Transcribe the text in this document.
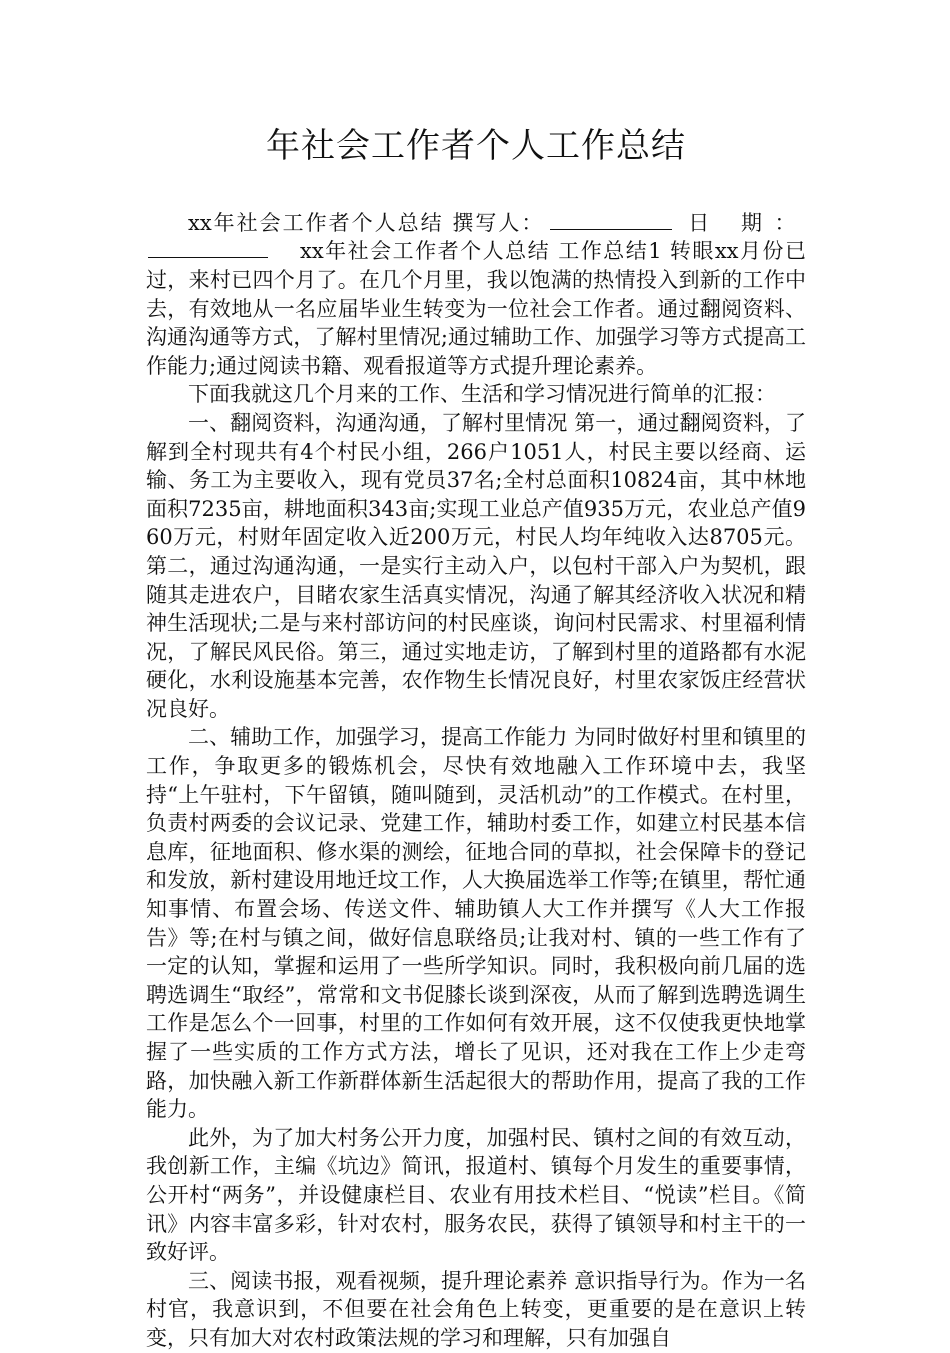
年社会工作者个人工作总结

xx年社会工作者个人总结 撰写人：	日 期：xx年社会工作者个人总结 工作总结1 转眼xx月份已过，来村已四个月了。在几个月里，我以饱满的热情投入到新的工作中去，有效地从一名应届毕业生转变为一位社会工作者。通过翻阅资料、沟通沟通等方式，了解村里情况;通过辅助工作、加强学习等方式提高工作能力;通过阅读书籍、观看报道等方式提升理论素养。

下面我就这几个月来的工作、生活和学习情况进行简单的汇报：

一、翻阅资料，沟通沟通，了解村里情况 第一，通过翻阅资料，了解到全村现共有4个村民小组，266户1051人，村民主要以经商、运输、务工为主要收入，现有党员37名;全村总面积10824亩，其中林地面积7235亩，耕地面积343亩;实现工业总产值935万元，农业总产值960万元，村财年固定收入近200万元，村民人均年纯收入达8705元。第二，通过沟通沟通，一是实行主动入户，以包村干部入户为契机，跟随其走进农户，目睹农家生活真实情况，沟通了解其经济收入状况和精神生活现状;二是与来村部访问的村民座谈，询问村民需求、村里福利情况，了解民风民俗。第三，通过实地走访，了解到村里的道路都有水泥硬化，水利设施基本完善，农作物生长情况良好，村里农家饭庄经营状况良好。

二、辅助工作，加强学习，提高工作能力 为同时做好村里和镇里的工作，争取更多的锻炼机会，尽快有效地融入工作环境中去，我坚持“上午驻村，下午留镇，随叫随到，灵活机动”的工作模式。在村里，负责村两委的会议记录、党建工作，辅助村委工作，如建立村民基本信息库，征地面积、修水渠的测绘，征地合同的草拟，社会保障卡的登记和发放，新村建设用地迁坟工作，人大换届选举工作等;在镇里，帮忙通知事情、布置会场、传送文件、辅助镇人大工作并撰写《人大工作报告》等;在村与镇之间，做好信息联络员;让我对村、镇的一些工作有了一定的认知，掌握和运用了一些所学知识。同时，我积极向前几届的选聘选调生“取经”，常常和文书促膝长谈到深夜，从而了解到选聘选调生工作是怎么个一回事，村里的工作如何有效开展，这不仅使我更快地掌握了一些实质的工作方式方法，增长了见识，还对我在工作上少走弯路，加快融入新工作新群体新生活起很大的帮助作用，提高了我的工作能力。

此外，为了加大村务公开力度，加强村民、镇村之间的有效互动，我创新工作，主编《坑边》简讯，报道村、镇每个月发生的重要事情，公开村“两务”，并设健康栏目、农业有用技术栏目、“悦读”栏目。《简讯》内容丰富多彩，针对农村，服务农民，获得了镇领导和村主干的一致好评。

三、阅读书报，观看视频，提升理论素养 意识指导行为。作为一名村官，我意识到，不但要在社会角色上转变，更重要的是在意识上转变，只有加大对农村政策法规的学习和理解，只有加强自
